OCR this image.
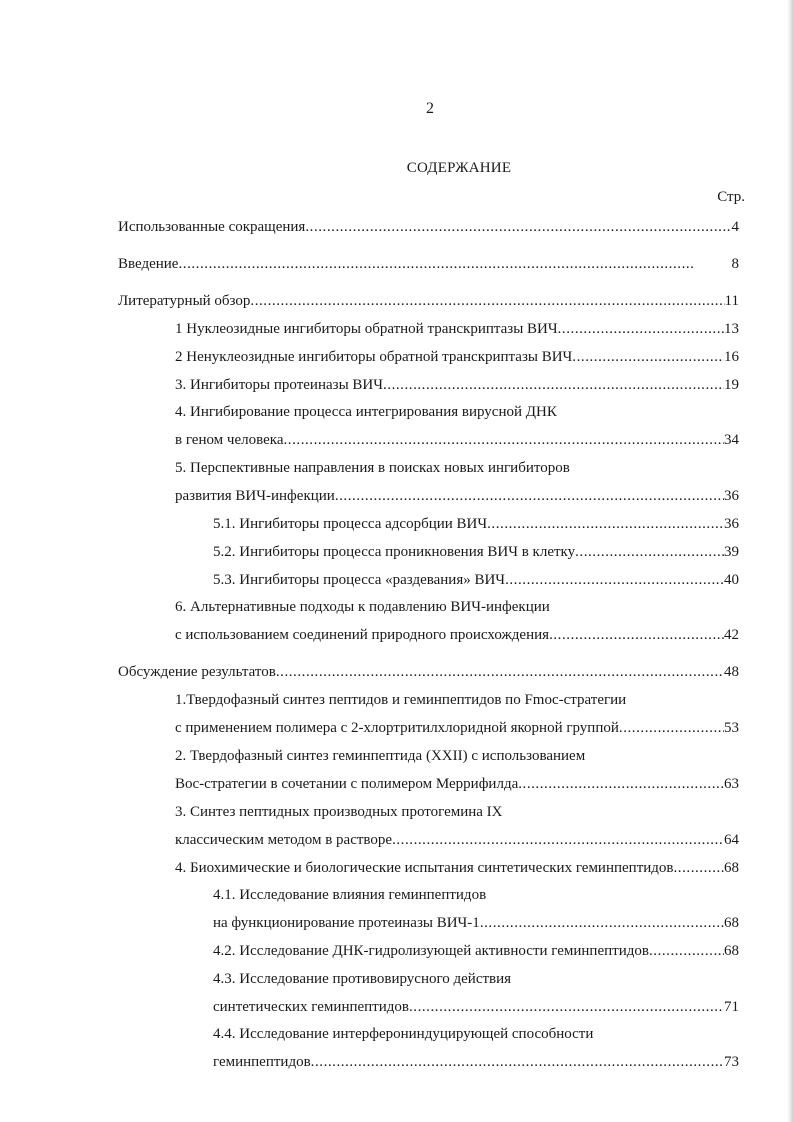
2
СОДЕРЖАНИЕ
Стр.
Использованные сокращения . . .	4
Введение . . .	8
Литературный обзор . . .	11
1 Нуклеозидные ингибиторы обратной транскриптазы ВИЧ . . .	13
2 Ненуклеозидные ингибиторы обратной транскриптазы ВИЧ . . .	16
3. Ингибиторы протеиназы ВИЧ . . .	19
4. Ингибирование процесса интегрирования вирусной ДНК
в геном человека . . .	34
5. Перспективные направления в поисках новых ингибиторов
развития ВИЧ-инфекции . . .	36
5.1. Ингибиторы процесса адсорбции ВИЧ . . .	36
5.2. Ингибиторы процесса проникновения ВИЧ в клетку . . .	39
5.3. Ингибиторы процесса «раздевания» ВИЧ . . .	40
6. Альтернативные подходы к подавлению ВИЧ-инфекции
с использованием соединений природного происхождения . . .	42
Обсуждение результатов . . .	48
1.Твердофазный синтез пептидов и геминпептидов по Fmoc-стратегии
с применением полимера с 2-хлортритилхлоридной якорной группой . . .	53
2. Твердофазный синтез геминпептида (XXII) с использованием
Boc-стратегии в сочетании с полимером Меррифилда . . .	63
3. Синтез пептидных производных протогемина IX
классическим методом в растворе . . .	64
4. Биохимические и биологические испытания синтетических геминпептидов . . .	68
4.1. Исследование влияния геминпептидов
на функционирование протеиназы ВИЧ-1 . . .	68
4.2. Исследование ДНК-гидролизующей активности геминпептидов . . .	68
4.3. Исследование противовирусного действия
синтетических геминпептидов . . .	71
4.4. Исследование интерферониндуцирующей способности
геминпептидов . . .	73
